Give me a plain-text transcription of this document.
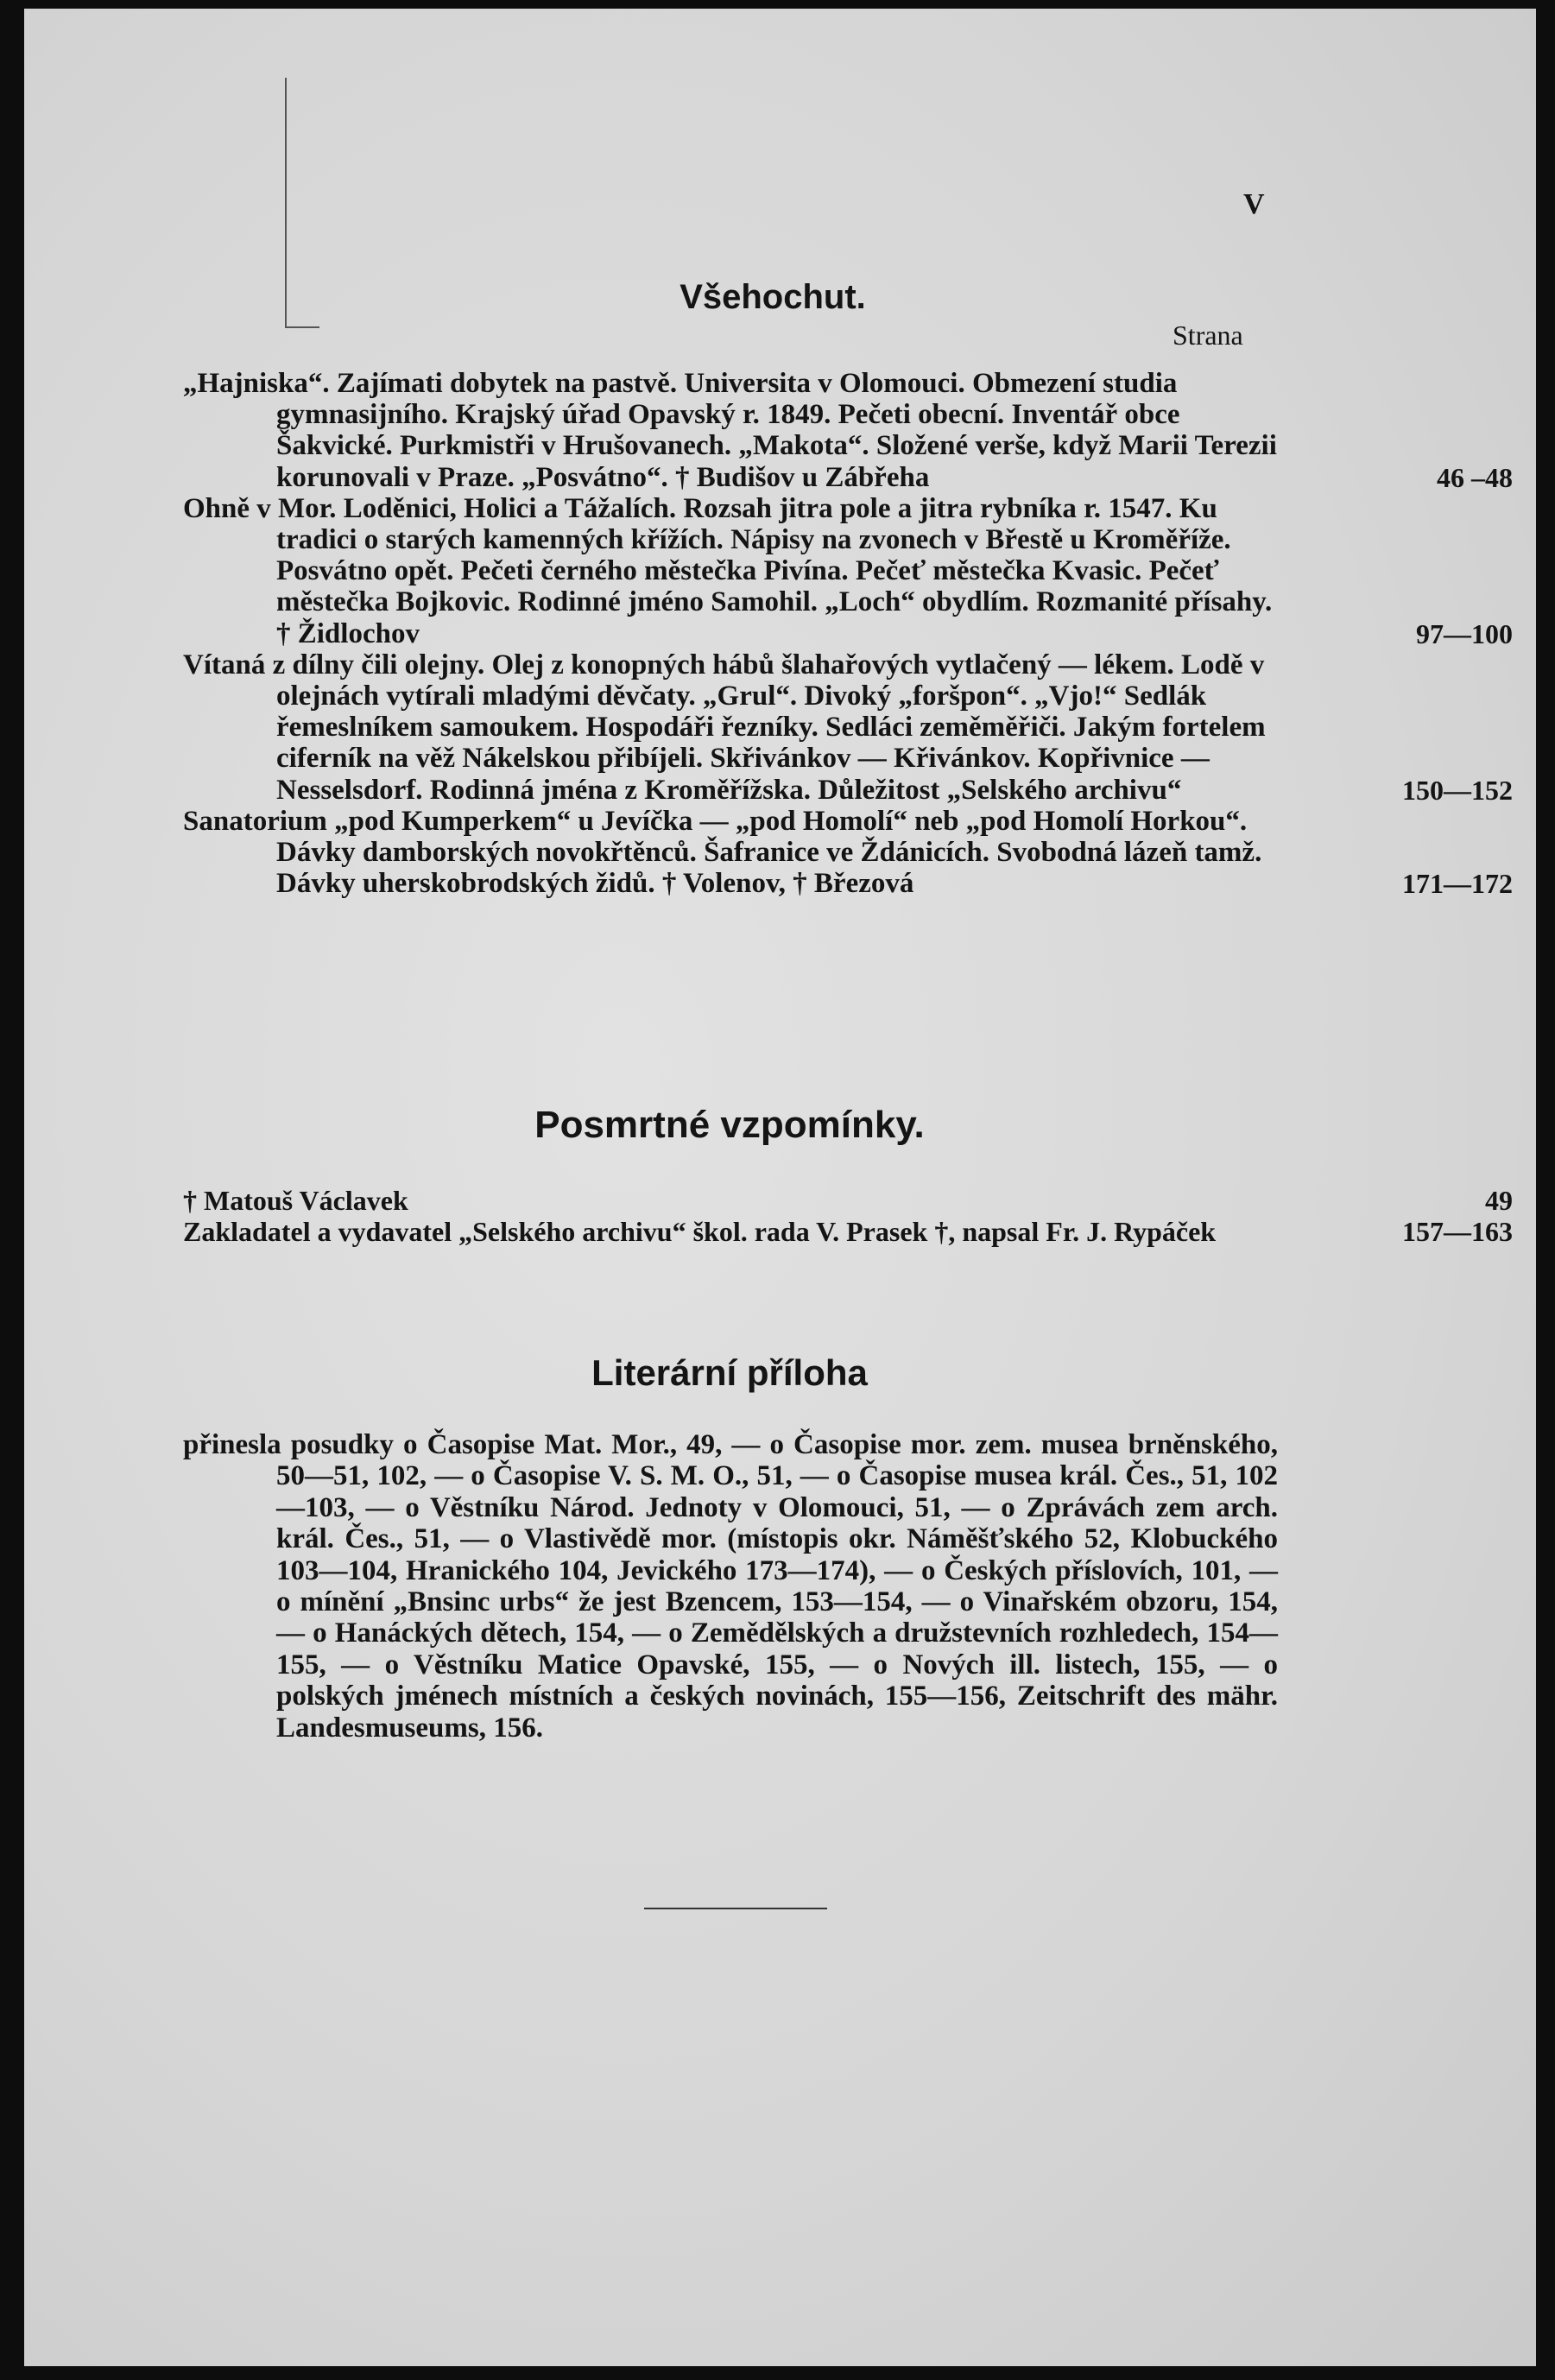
V
Všehochut.
Strana
„Hajniska“. Zajímati dobytek na pastvě. Universita v Olomouci. Obmezení studia gymnasijního. Krajský úřad Opavský r. 1849. Pečeti obecní. Inventář obce Šakvické. Purkmistři v Hrušovanech. „Makota“. Složené verše, když Marii Terezii korunovali v Praze. „Posvátno“. † Budišov u Zábřeha	46 –48
Ohně v Mor. Loděnici, Holici a Tážalích. Rozsah jitra pole a jitra rybníka r. 1547. Ku tradici o starých kamenných křížích. Nápisy na zvonech v Břestě u Kroměříže. Posvátno opět. Pečeti černého městečka Pivína. Pečeť městečka Kvasic. Pečeť městečka Bojkovic. Rodinné jméno Samohil. „Loch“ obydlím. Rozmanité přísahy. † Židlochov	97—100
Vítaná z dílny čili olejny. Olej z konopných hábů šlahařových vytlačený — lékem. Lodě v olejnách vytírali mladými děvčaty. „Grul“. Divoký „foršpon“. „Vjo!“ Sedlák řemeslníkem samoukem. Hospodáři řezníky. Sedláci zeměměřiči. Jakým fortelem ciferník na věž Nákelskou přibíjeli. Skřivánkov — Křivánkov. Kopřivnice — Nesselsdorf. Rodinná jména z Kroměřížska. Důležitost „Selského archivu“	150—152
Sanatorium „pod Kumperkem“ u Jevíčka — „pod Homolí“ neb „pod Homolí Horkou“. Dávky damborských novokřtěnců. Šafranice ve Ždánicích. Svobodná lázeň tamž. Dávky uherskobrodských židů. † Volenov, † Březová	171—172
Posmrtné vzpomínky.
† Matouš Václavek	49
Zakladatel a vydavatel „Selského archivu“ škol. rada V. Prasek †, napsal Fr. J. Rypáček	157—163
Literární příloha
přinesla posudky o Časopise Mat. Mor., 49, — o Časopise mor. zem. musea brněnského, 50—51, 102, — o Časopise V. S. M. O., 51, — o Časopise musea král. Čes., 51, 102—103, — o Věstníku Národ. Jednoty v Olomouci, 51, — o Zprávách zem arch. král. Čes., 51, — o Vlastivědě mor. (místopis okr. Náměšťského 52, Klobuckého 103—104, Hranického 104, Jevického 173—174), — o Českých příslovích, 101, — o mínění „Bnsinc urbs“ že jest Bzencem, 153—154, — o Vinařském obzoru, 154, — o Hanáckých dětech, 154, — o Zemědělských a družstevních rozhledech, 154—155, — o Věstníku Matice Opavské, 155, — o Nových ill. listech, 155, — o polských jménech místních a českých novinách, 155—156, Zeitschrift des mähr. Landesmuseums, 156.
